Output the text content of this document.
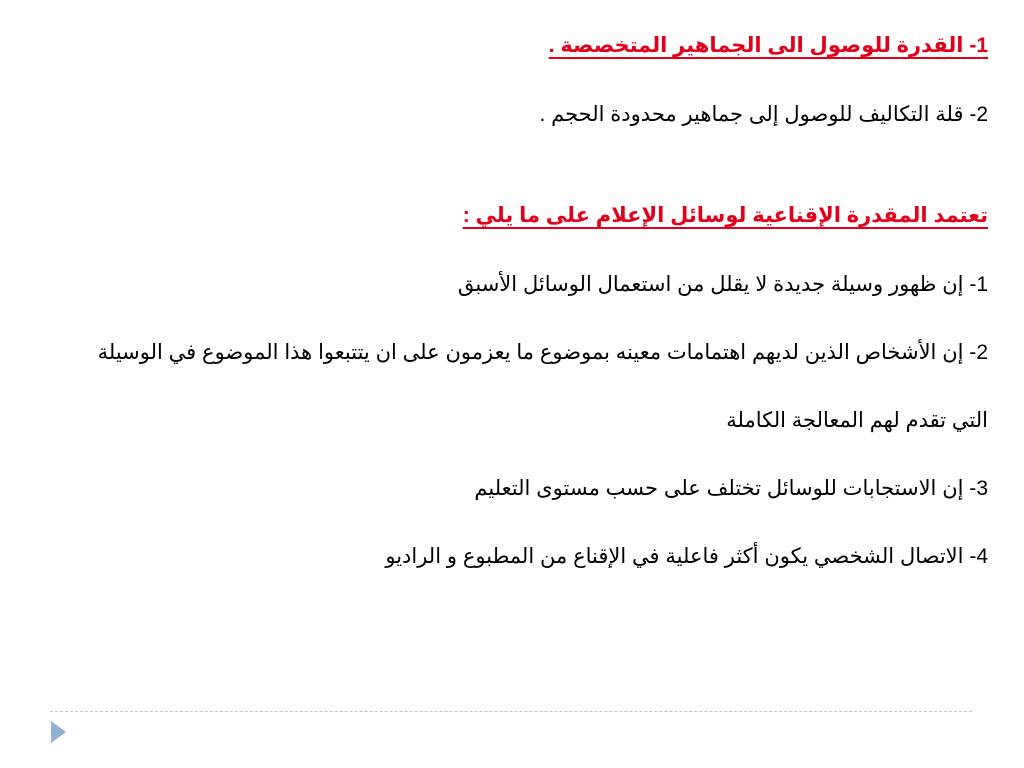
1- القدرة للوصول الى الجماهير المتخصصة .
2- قلة التكاليف للوصول إلى جماهير محدودة الحجم .
تعتمد المقدرة الإقناعية لوسائل الإعلام على ما يلي :
1- إن ظهور وسيلة جديدة لا يقلل من استعمال الوسائل الأسبق
2- إن الأشخاص الذين لديهم اهتمامات معينه بموضوع ما يعزمون على ان يتتبعوا هذا الموضوع في الوسيلة
التي تقدم لهم المعالجة الكاملة
3- إن الاستجابات للوسائل تختلف على حسب مستوى التعليم
4- الاتصال الشخصي يكون أكثر فاعلية في الإقناع من المطبوع و الراديو
